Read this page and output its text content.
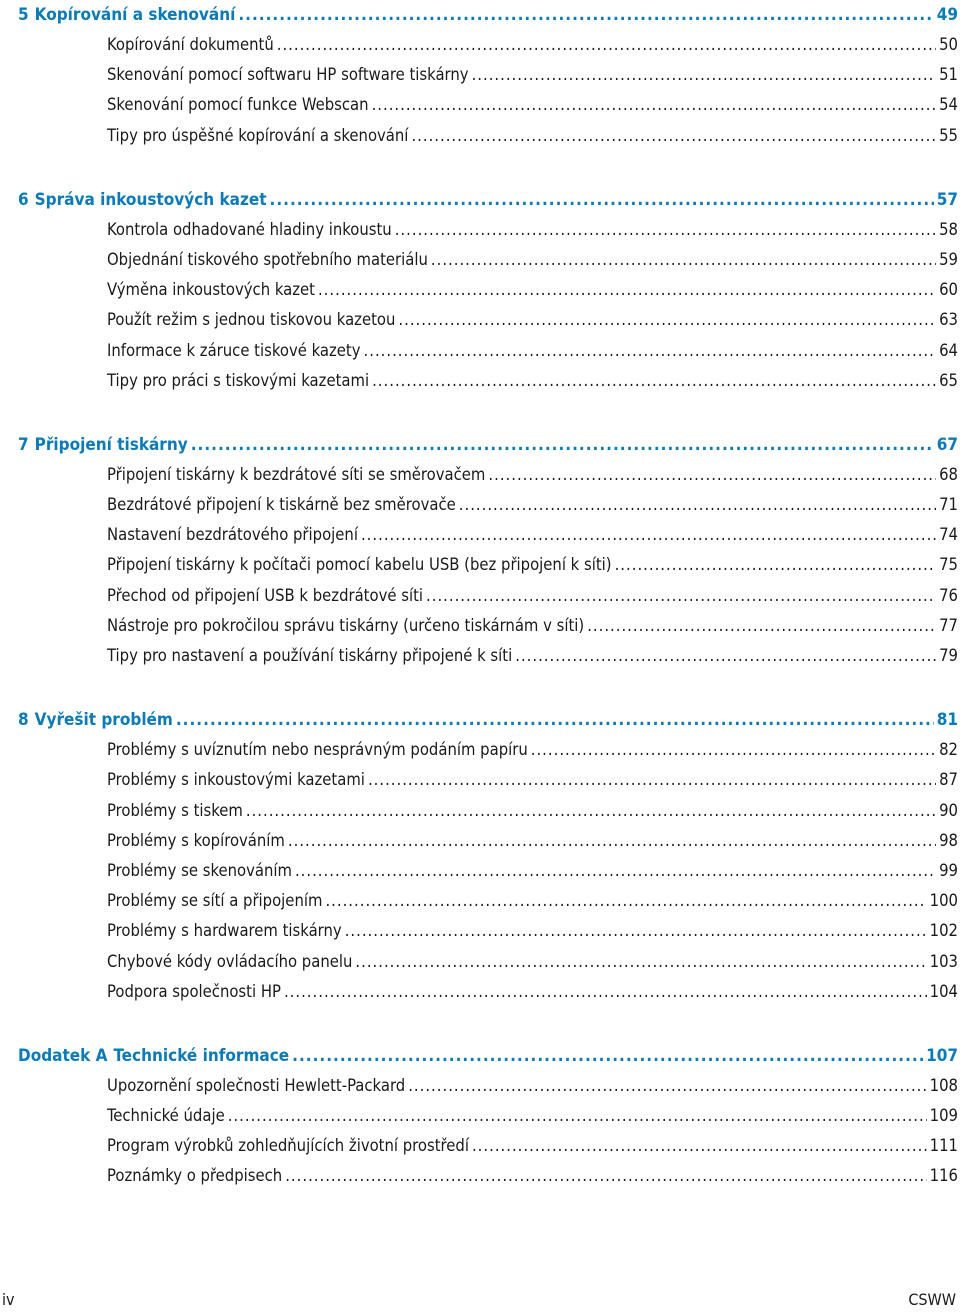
5 Kopírování a skenování .....	49
Kopírování dokumentů .....	50
Skenování pomocí softwaru HP software tiskárny .....	51
Skenování pomocí funkce Webscan .....	54
Tipy pro úspěšné kopírování a skenování .....	55
6 Správa inkoustových kazet .....	57
Kontrola odhadované hladiny inkoustu .....	58
Objednání tiskového spotřebního materiálu .....	59
Výměna inkoustových kazet .....	60
Použít režim s jednou tiskovou kazetou .....	63
Informace k záruce tiskové kazety .....	64
Tipy pro práci s tiskovými kazetami .....	65
7 Připojení tiskárny .....	67
Připojení tiskárny k bezdrátové síti se směrovačem .....	68
Bezdrátové připojení k tiskárně bez směrovače .....	71
Nastavení bezdrátového připojení .....	74
Připojení tiskárny k počítači pomocí kabelu USB (bez připojení k síti) .....	75
Přechod od připojení USB k bezdrátové síti .....	76
Nástroje pro pokročilou správu tiskárny (určeno tiskárnám v síti) .....	77
Tipy pro nastavení a používání tiskárny připojené k síti .....	79
8 Vyřešit problém .....	81
Problémy s uvíznutím nebo nesprávným podáním papíru .....	82
Problémy s inkoustovými kazetami .....	87
Problémy s tiskem .....	90
Problémy s kopírováním .....	98
Problémy se skenováním .....	99
Problémy se sítí a připojením .....	100
Problémy s hardwarem tiskárny .....	102
Chybové kódy ovládacího panelu .....	103
Podpora společnosti HP .....	104
Dodatek A Technické informace .....	107
Upozornění společnosti Hewlett-Packard .....	108
Technické údaje .....	109
Program výrobků zohledňujících životní prostředí .....	111
Poznámky o předpisech .....	116
iv	CSWW
